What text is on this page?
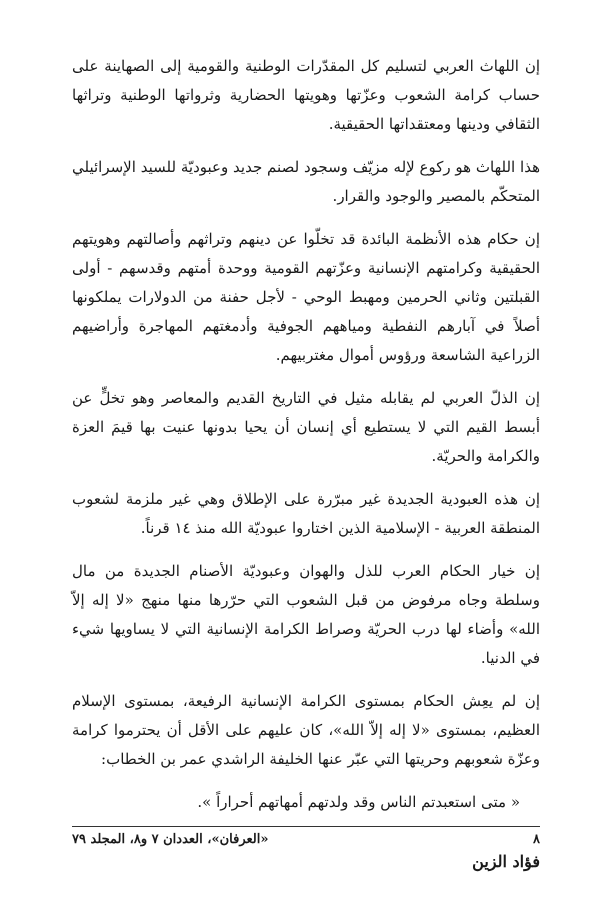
إن اللهاث العربي لتسليم كل المقدّرات الوطنية والقومية إلى الصهاينة على حساب كرامة الشعوب وعزّتها وهويتها الحضارية وثرواتها الوطنية وتراثها الثقافي ودينها ومعتقداتها الحقيقية.

هذا اللهاث هو ركوع لإله مزيّف وسجود لصنم جديد وعبوديّة للسيد الإسرائيلي المتحكّم بالمصير والوجود والقرار.

إن حكام هذه الأنظمة البائدة قد تخلّوا عن دينهم وتراثهم وأصالتهم وهويتهم الحقيقية وكرامتهم الإنسانية وعزّتهم القومية ووحدة أمتهم وقدسهم - أولى القبلتين وثاني الحرمين ومهبط الوحي - لأجل حفنة من الدولارات يملكونها أصلاً في آبارهم النفطية ومياههم الجوفية وأدمغتهم المهاجرة وأراضيهم الزراعية الشاسعة ورؤوس أموال مغتربيهم.

إن الذلّ العربي لم يقابله مثيل في التاريخ القديم والمعاصر وهو تخلٍّ عن أبسط القيم التي لا يستطيع أي إنسان أن يحيا بدونها عنيت بها قيمَ العزة والكرامة والحريّة.

إن هذه العبودية الجديدة غير مبرّرة على الإطلاق وهي غير ملزمة لشعوب المنطقة العربية - الإسلامية الذين اختاروا عبوديّة الله منذ ١٤ قرناً.

إن خيار الحكام العرب للذل والهوان وعبوديّة الأصنام الجديدة من مال وسلطة وجاه مرفوض من قبل الشعوب التي حرّرها منها منهج «لا إله إلاّ الله» وأضاء لها درب الحريّة وصراط الكرامة الإنسانية التي لا يساويها شيء في الدنيا.

إن لم يعِش الحكام بمستوى الكرامة الإنسانية الرفيعة، بمستوى الإسلام العظيم، بمستوى «لا إله إلاّ الله»، كان عليهم على الأقل أن يحترموا كرامة وعزّة شعوبهم وحريتها التي عبّر عنها الخليفة الراشدي عمر بن الخطاب:

« متى استعبدتم الناس وقد ولدتهم أمهاتهم أحراراً ».

فؤاد الزين

٨
«العرفان»، العددان ٧ و٨، المجلد ٧٩
